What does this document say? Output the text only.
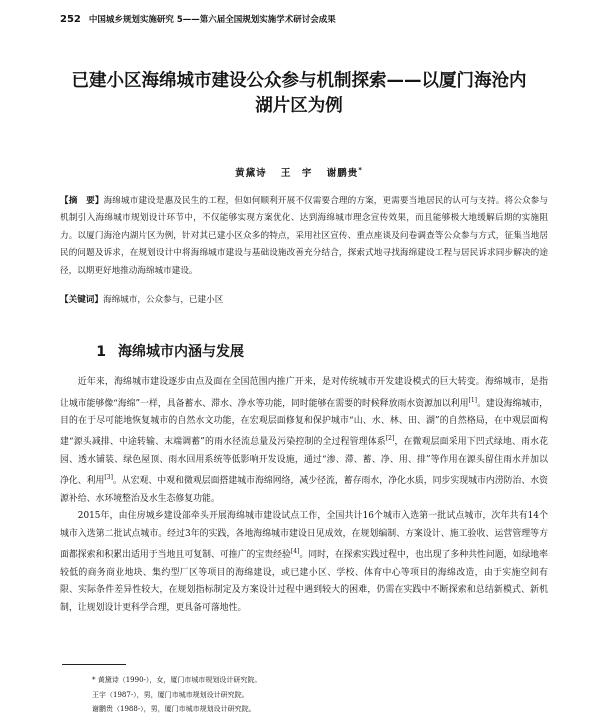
252 中国城乡规划实施研究 5——第六届全国规划实施学术研讨会成果
已建小区海绵城市建设公众参与机制探索——以厦门海沧内
湖片区为例
黄黛诗 王　宇 谢鹏贵*
【摘　要】海绵城市建设是惠及民生的工程，但如何顺利开展不仅需要合理的方案，更需要当地居民的认可与支持。将公众参与机制引入海绵城市规划设计环节中，不仅能够实现方案优化、达到海绵城市理念宣传效果，而且能够极大地缓解后期的实施阻力。以厦门海沧内湖片区为例，针对其已建小区众多的特点，采用社区宣传、重点座谈及问卷调查等公众参与方式，征集当地居民的问题及诉求，在规划设计中将海绵城市建设与基础设施改善充分结合，探索式地寻找海绵建设工程与居民诉求同步解决的途径，以期更好地推动海绵城市建设。
【关键词】海绵城市，公众参与，已建小区
1 海绵城市内涵与发展

近年来，海绵城市建设逐步由点及面在全国范围内推广开来，是对传统城市开发建设模式的巨大转变。海绵城市，是指让城市能够像“海绵”一样，具备蓄水、滞水、净水等功能，同时能够在需要的时候释放雨水资源加以利用[1]。建设海绵城市，目的在于尽可能地恢复城市的自然水文功能，在宏观层面修复和保护城市“山、水、林、田、湖”的自然格局，在中观层面构建“源头减排、中途转输、末端调蓄”的雨水径流总量及污染控制的全过程管理体系[2]，在微观层面采用下凹式绿地、雨水花园、透水铺装、绿色屋顶、雨水回用系统等低影响开发设施，通过“渗、滞、蓄、净、用、排”等作用在源头留住雨水并加以净化、利用[3]。从宏观、中观和微观层面搭建城市海绵网络，减少径流，蓄存雨水，净化水质，同步实现城市内涝防治、水资源补给、水环境整治及水生态修复功能。

2015年，由住房城乡建设部牵头开展海绵城市建设试点工作，全国共计16个城市入选第一批试点城市，次年共有14个城市入选第二批试点城市。经过3年的实践，各地海绵城市建设日见成效，在规划编制、方案设计、施工验收、运营管理等方面都探索和积累出适用于当地且可复制、可推广的宝贵经验[4]。同时，在探索实践过程中，也出现了多种共性问题，如绿地率较低的商务商业地块、集约型厂区等项目的海绵建设，或已建小区、学校、体育中心等项目的海绵改造，由于实施空间有限、实际条件差异性较大，在规划指标制定及方案设计过程中遇到较大的困难，仍需在实践中不断探索和总结新模式、新机制，让规划设计更科学合理，更具备可落地性。

* 黄黛诗（1990-），女，厦门市城市规划设计研究院。
王宇（1987-），男，厦门市城市规划设计研究院。
谢鹏贵（1988-），男，厦门市城市规划设计研究院。
